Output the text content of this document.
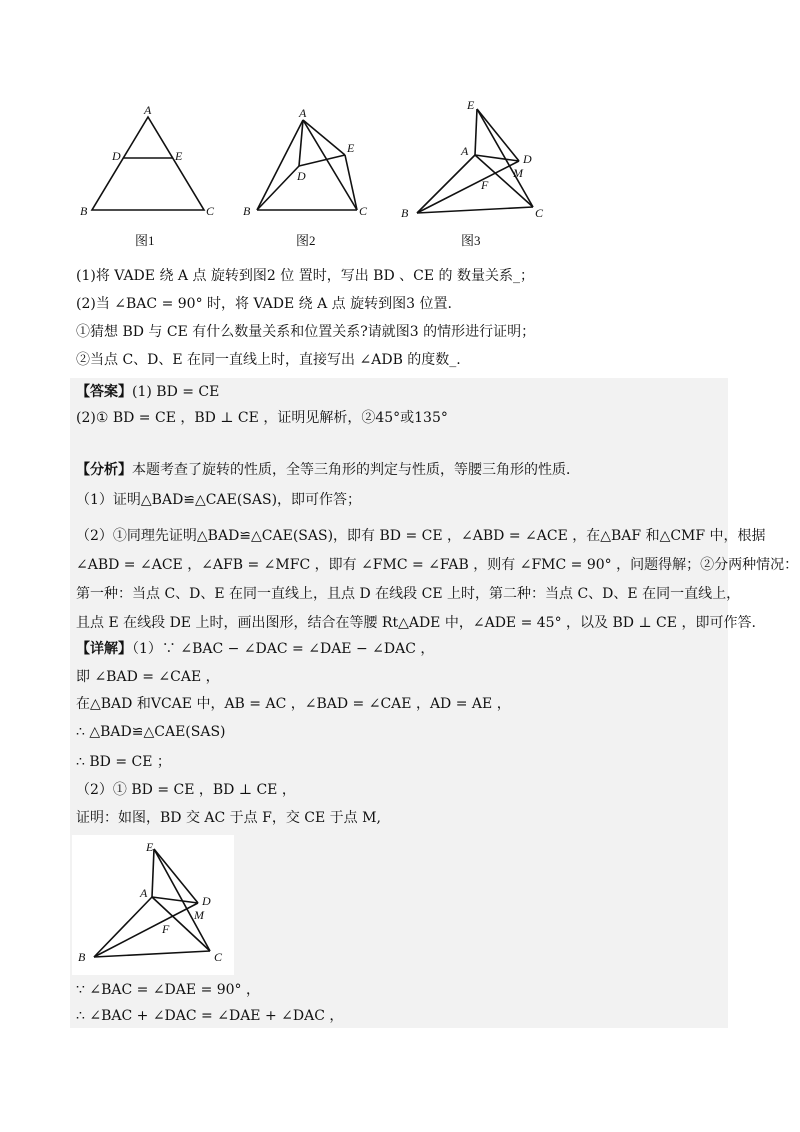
A
D	E
B	C
图1
A
D
E
B	C
图2
E
A
D
M
F
B	C
图3
(1)将 VADE 绕 A 点 旋转到图2 位 置时，写出 BD 、CE 的 数量关系_；
(2)当 ∠BAC = 90° 时，将 VADE 绕 A 点 旋转到图3 位置.
①猜想 BD 与 CE 有什么数量关系和位置关系?请就图3 的情形进行证明；
②当点 C、D、E 在同一直线上时，直接写出 ∠ADB 的度数_.
【答案】(1) BD = CE
(2)① BD = CE ，BD ⊥ CE ，证明见解析，②45°或135°
【分析】本题考查了旋转的性质，全等三角形的判定与性质，等腰三角形的性质．
（1）证明△BAD≌△CAE(SAS)，即可作答；
（2）①同理先证明△BAD≌△CAE(SAS)，即有 BD = CE ，∠ABD = ∠ACE ，在△BAF 和△CMF 中，根据
∠ABD = ∠ACE ，∠AFB = ∠MFC ，即有 ∠FMC = ∠FAB ，则有 ∠FMC = 90° ，问题得解；②分两种情况：
第一种：当点 C、D、E 在同一直线上，且点 D 在线段 CE 上时，第二种：当点 C、D、E 在同一直线上，
且点 E 在线段 DE 上时，画出图形，结合在等腰 Rt△ADE 中，∠ADE = 45° ，以及 BD ⊥ CE ，即可作答.
【详解】（1）∵ ∠BAC − ∠DAC = ∠DAE − ∠DAC ，
即 ∠BAD = ∠CAE ，
在△BAD 和VCAE 中，AB = AC ，∠BAD = ∠CAE ，AD = AE ，
∴ △BAD≌△CAE(SAS)
∴ BD = CE ；
（2）① BD = CE ，BD ⊥ CE ，
证明：如图，BD 交 AC 于点 F，交 CE 于点 M,
E
A
D
M
F
B	C
∵ ∠BAC = ∠DAE = 90° ，
∴ ∠BAC + ∠DAC = ∠DAE + ∠DAC ，
